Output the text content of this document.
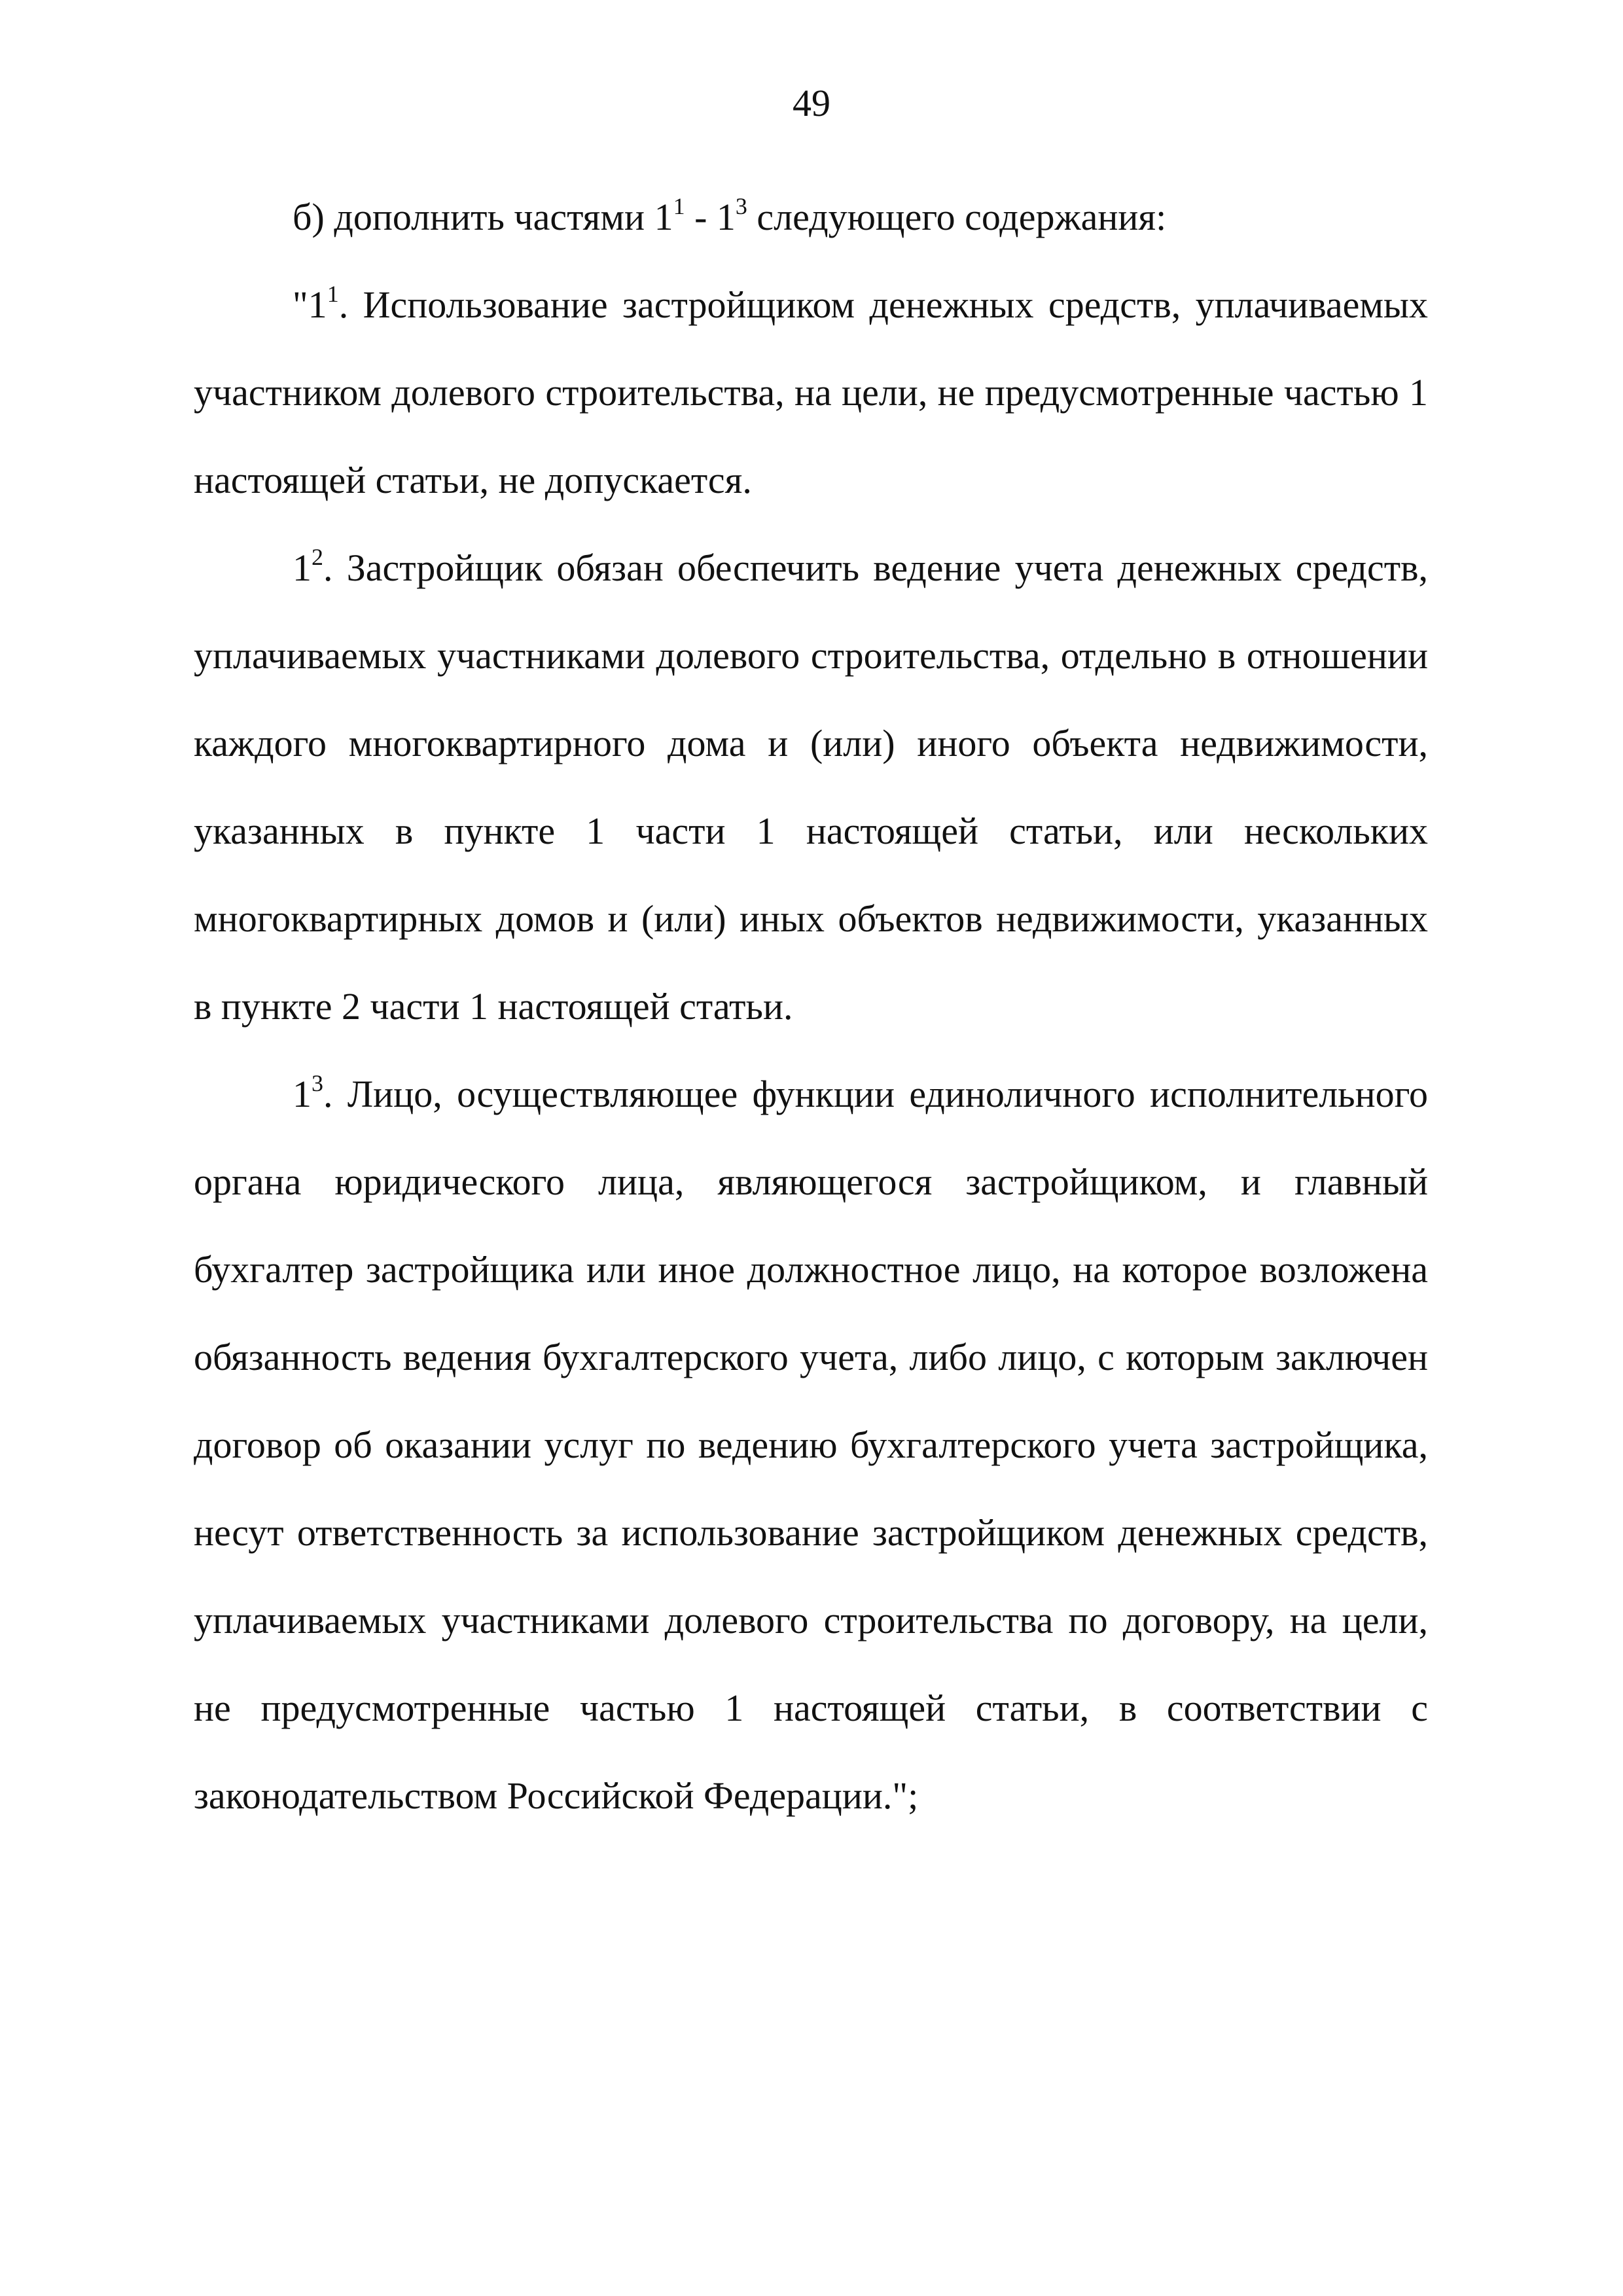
49

б) дополнить частями $1^1 - 1^3$ следующего содержания:

"$1^1$. Использование застройщиком денежных средств, уплачиваемых участником долевого строительства, на цели, не предусмотренные частью 1 настоящей статьи, не допускается.

$1^2$. Застройщик обязан обеспечить ведение учета денежных средств, уплачиваемых участниками долевого строительства, отдельно в отношении каждого многоквартирного дома и (или) иного объекта недвижимости, указанных в пункте 1 части 1 настоящей статьи, или нескольких многоквартирных домов и (или) иных объектов недвижимости, указанных в пункте 2 части 1 настоящей статьи.

$1^3$. Лицо, осуществляющее функции единоличного исполнительного органа юридического лица, являющегося застройщиком, и главный бухгалтер застройщика или иное должностное лицо, на которое возложена обязанность ведения бухгалтерского учета, либо лицо, с которым заключен договор об оказании услуг по ведению бухгалтерского учета застройщика, несут ответственность за использование застройщиком денежных средств, уплачиваемых участниками долевого строительства по договору, на цели, не предусмотренные частью 1 настоящей статьи, в соответствии с законодательством Российской Федерации.";
